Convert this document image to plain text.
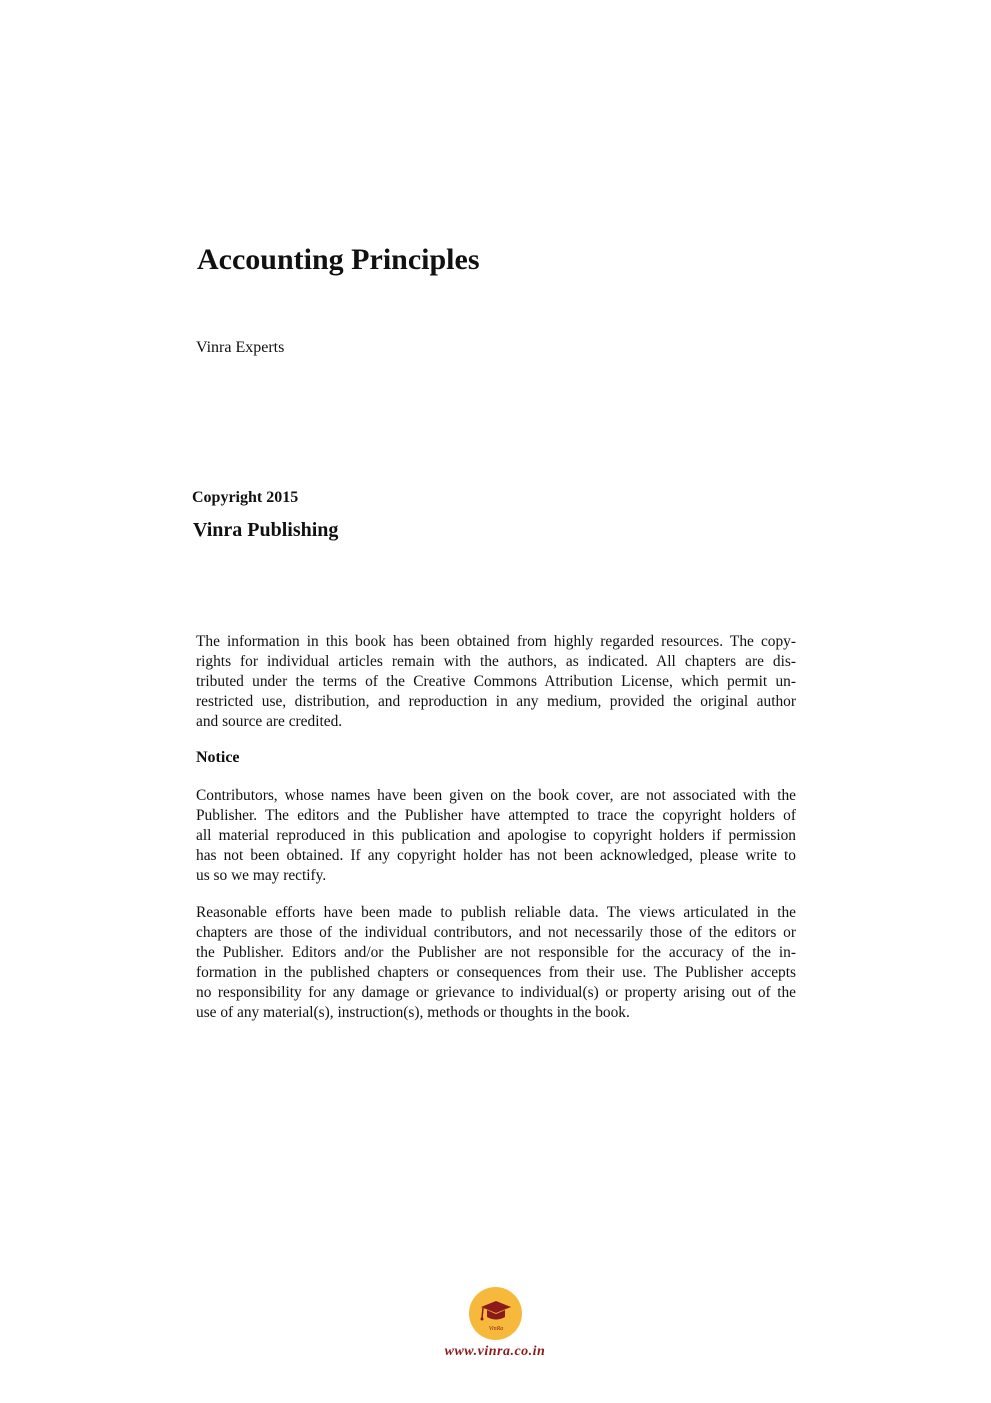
Accounting Principles
Vinra Experts
Copyright 2015
Vinra Publishing
The information in this book has been obtained from highly regarded resources. The copy-
rights for individual articles remain with the authors, as indicated. All chapters are dis-
tributed under the terms of the Creative Commons Attribution License, which permit un-
restricted use, distribution, and reproduction in any medium, provided the original author
and source are credited.
Notice
Contributors, whose names have been given on the book cover, are not associated with the
Publisher. The editors and the Publisher have attempted to trace the copyright holders of
all material reproduced in this publication and apologise to copyright holders if permission
has not been obtained. If any copyright holder has not been acknowledged, please write to
us so we may rectify.
Reasonable efforts have been made to publish reliable data. The views articulated in the
chapters are those of the individual contributors, and not necessarily those of the editors or
the Publisher. Editors and/or the Publisher are not responsible for the accuracy of the in-
formation in the published chapters or consequences from their use. The Publisher accepts
no responsibility for any damage or grievance to individual(s) or property arising out of the
use of any material(s), instruction(s), methods or thoughts in the book.
VinRa
www.vinra.co.in
